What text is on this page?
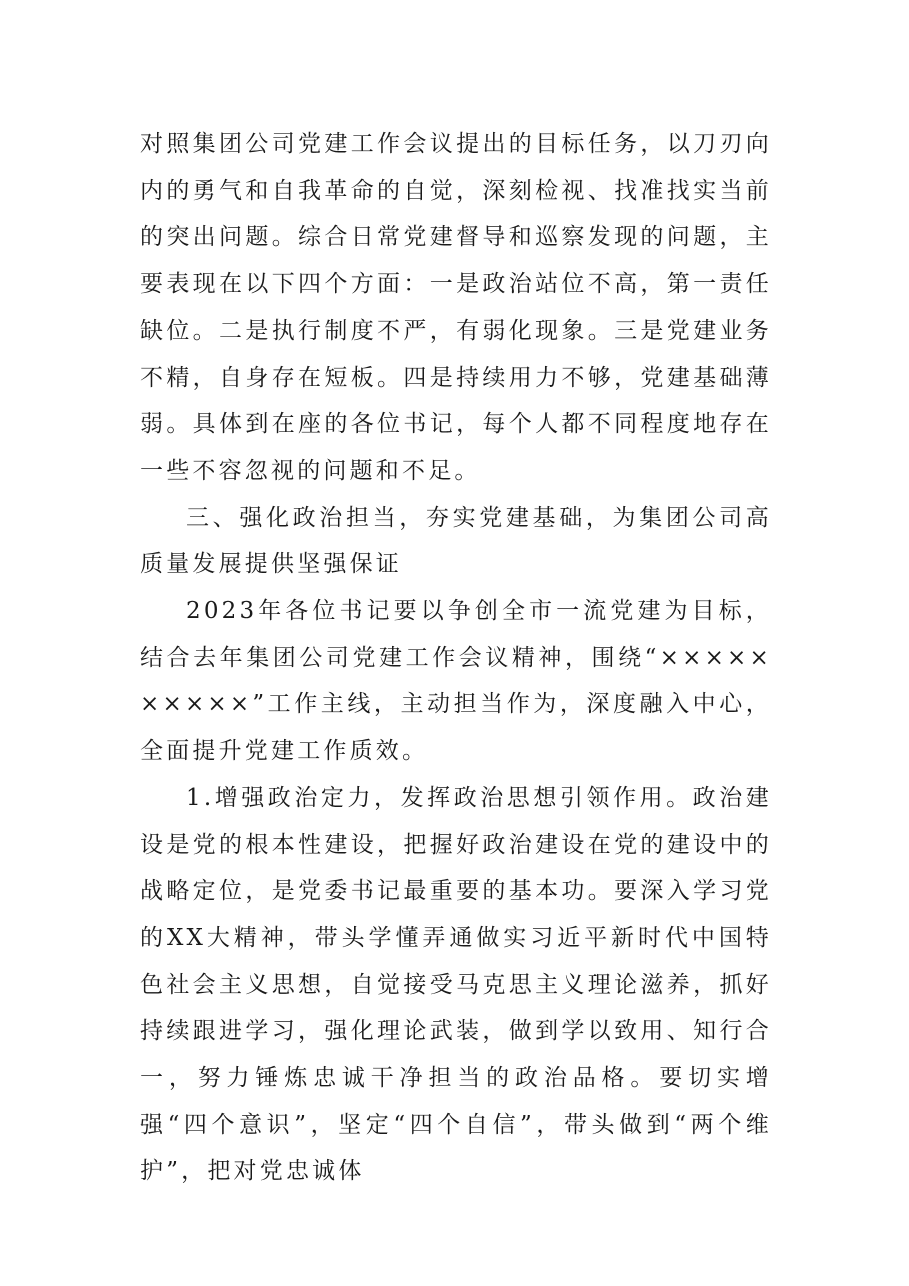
对照集团公司党建工作会议提出的目标任务，以刀刃向内的勇气和自我革命的自觉，深刻检视、找准找实当前的突出问题。综合日常党建督导和巡察发现的问题，主要表现在以下四个方面：一是政治站位不高，第一责任缺位。二是执行制度不严，有弱化现象。三是党建业务不精，自身存在短板。四是持续用力不够，党建基础薄弱。具体到在座的各位书记，每个人都不同程度地存在一些不容忽视的问题和不足。

三、强化政治担当，夯实党建基础，为集团公司高质量发展提供坚强保证

2023年各位书记要以争创全市一流党建为目标，结合去年集团公司党建工作会议精神，围绕“××××××××××”工作主线，主动担当作为，深度融入中心，全面提升党建工作质效。

1.增强政治定力，发挥政治思想引领作用。政治建设是党的根本性建设，把握好政治建设在党的建设中的战略定位，是党委书记最重要的基本功。要深入学习党的XX大精神，带头学懂弄通做实习近平新时代中国特色社会主义思想，自觉接受马克思主义理论滋养，抓好持续跟进学习，强化理论武装，做到学以致用、知行合一，努力锤炼忠诚干净担当的政治品格。要切实增强“四个意识”，坚定“四个自信”，带头做到“两个维护”，把对党忠诚体
